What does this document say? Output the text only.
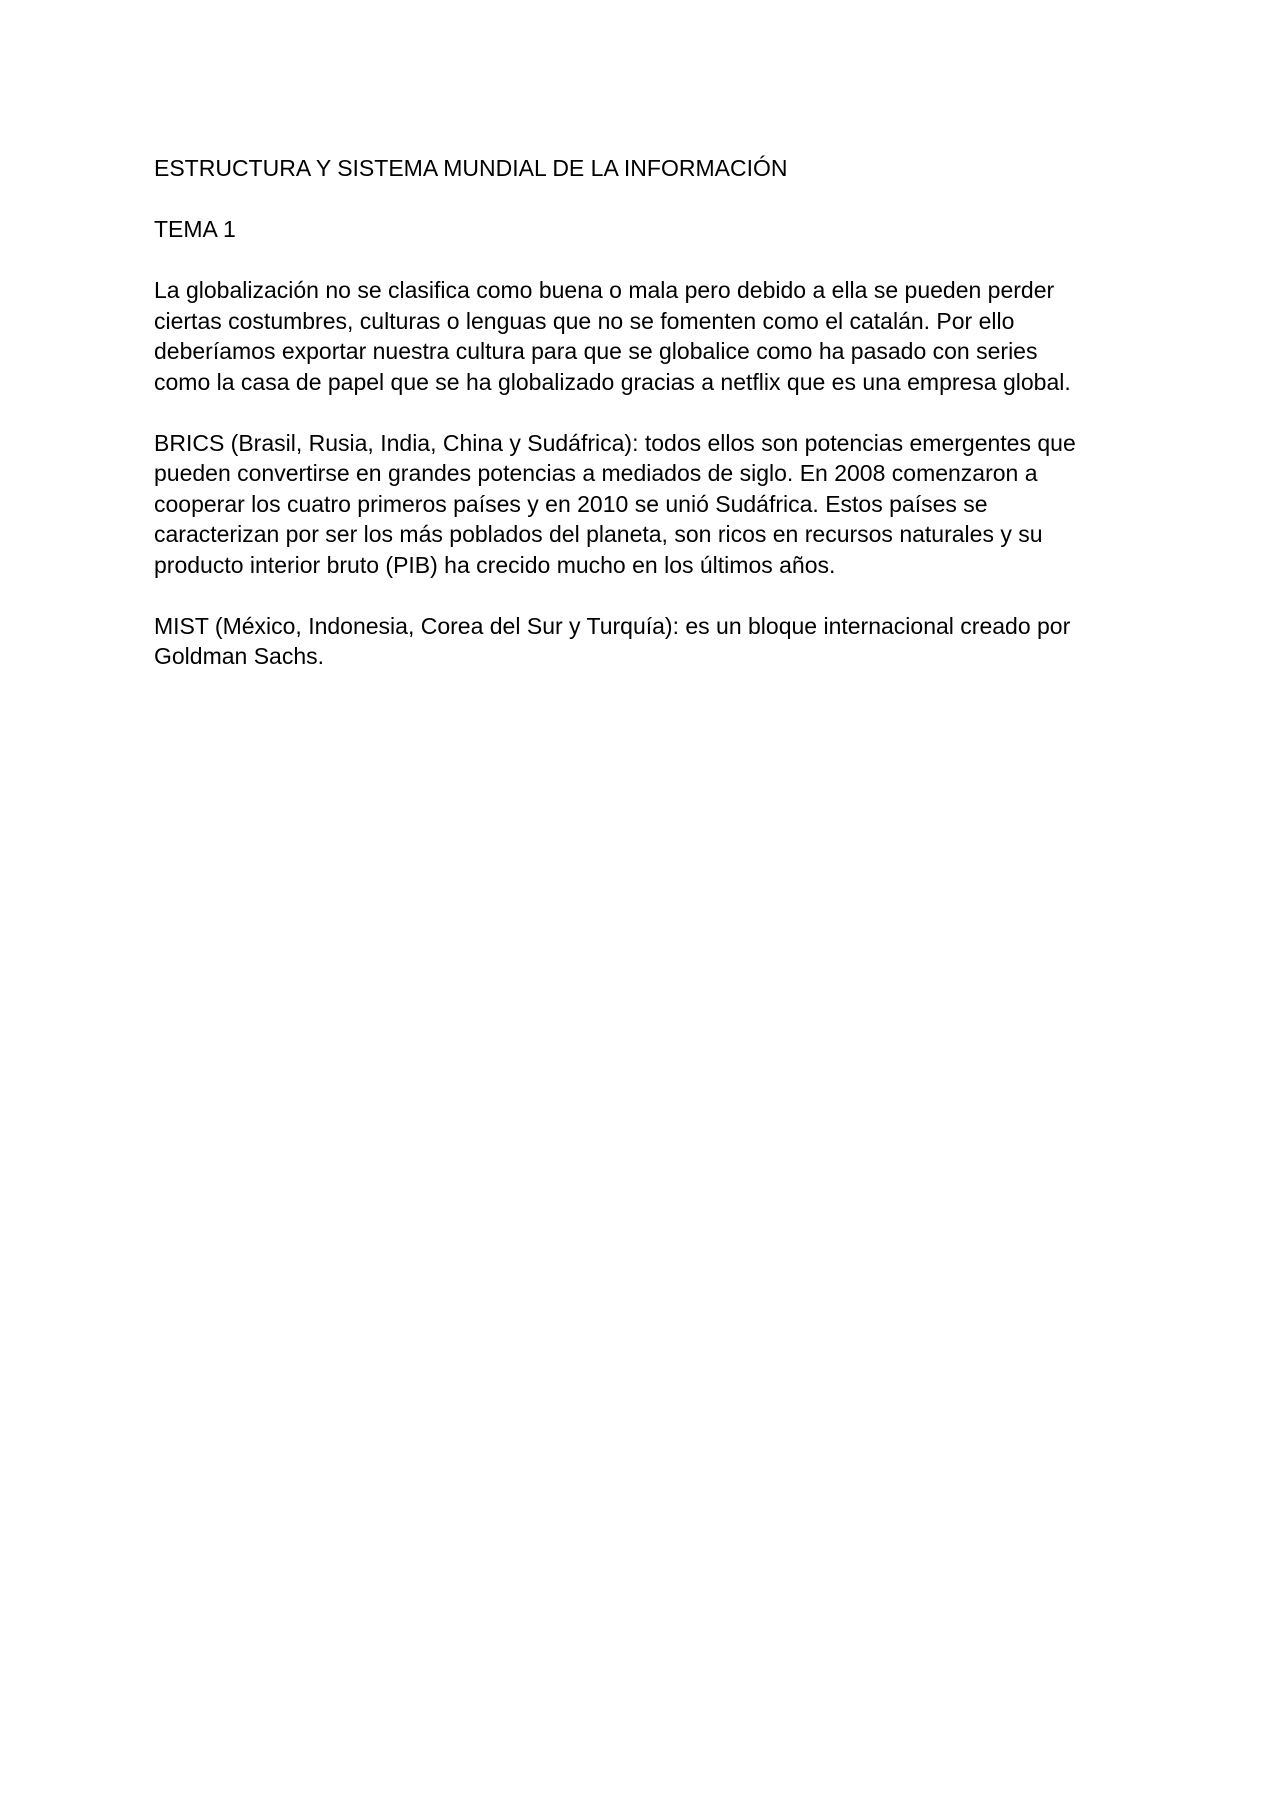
ESTRUCTURA Y SISTEMA MUNDIAL DE LA INFORMACIÓN

TEMA 1

La globalización no se clasifica como buena o mala pero debido a ella se pueden perder
ciertas costumbres, culturas o lenguas que no se fomenten como el catalán. Por ello
deberíamos exportar nuestra cultura para que se globalice como ha pasado con series
como la casa de papel que se ha globalizado gracias a netflix que es una empresa global.

BRICS (Brasil, Rusia, India, China y Sudáfrica): todos ellos son potencias emergentes que
pueden convertirse en grandes potencias a mediados de siglo. En 2008 comenzaron a
cooperar los cuatro primeros países y en 2010 se unió Sudáfrica. Estos países se
caracterizan por ser los más poblados del planeta, son ricos en recursos naturales y su
producto interior bruto (PIB) ha crecido mucho en los últimos años.

MIST (México, Indonesia, Corea del Sur y Turquía): es un bloque internacional creado por
Goldman Sachs.
